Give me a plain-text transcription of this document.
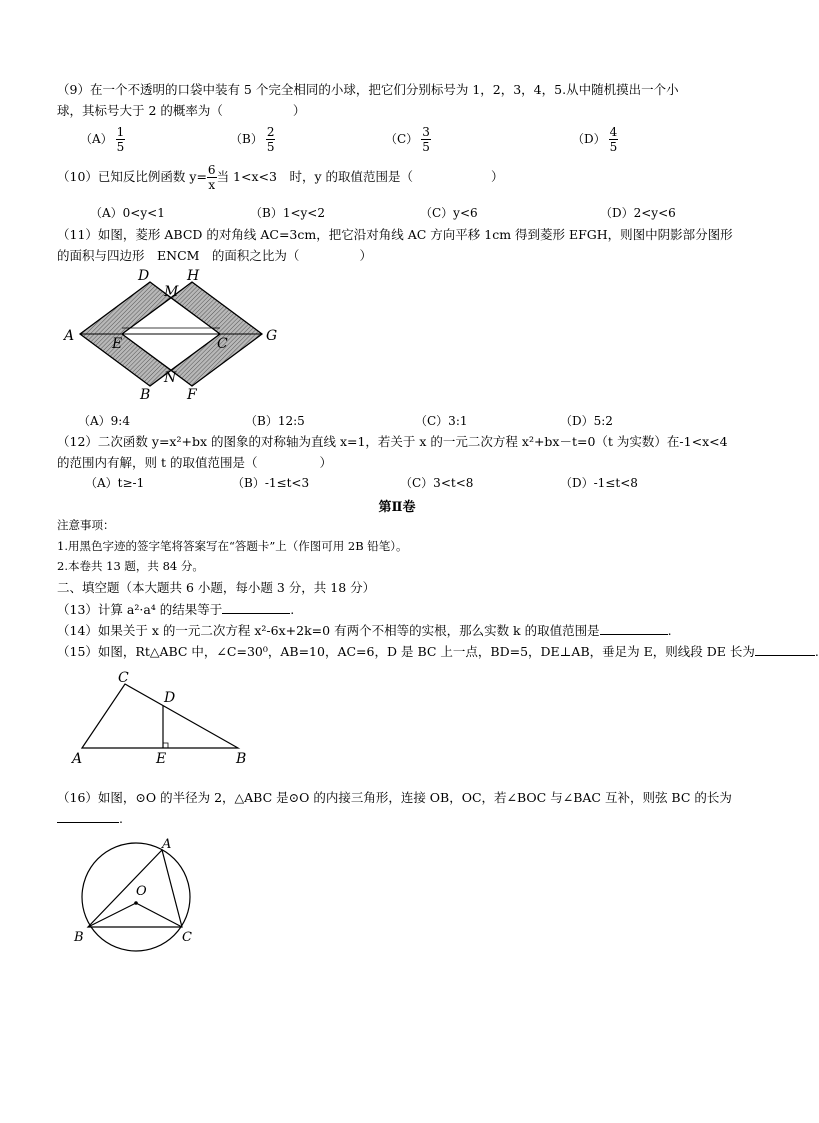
（9）在一个不透明的口袋中装有 5 个完全相同的小球，把它们分别标号为 1，2，3，4，5.从中随机摸出一个小
球，其标号大于 2 的概率为（	）
$(A) \frac{1}{5}$	$(B) \frac{2}{5}$	$(C) \frac{3}{5}$	$(D) \frac{4}{5}$
（10）已知反比例函数 $y= \frac{6}{x}$ 当 1<x<3　时，y 的取值范围是（	）
（A）0<y<1	（B）1<y<2	（C）y<6	（D）2<y<6
（11）如图，菱形 ABCD 的对角线 AC=3cm，把它沿对角线 AC 方向平移 1cm 得到菱形 EFGH，则图中阴影部分图形
的面积与四边形　ENCM　的面积之比为（	）
D	H
M
A	E	C	G
N
B	F
（A）9:4	（B）12:5	（C）3:1	（D）5:2
（12）二次函数 y=x²+bx 的图象的对称轴为直线 x=1，若关于 x 的一元二次方程 x²+bx－t=0（t 为实数）在-1<x<4
的范围内有解，则 t 的取值范围是（	）
（A）t≥-1	（B）-1≤t<3	（C）3<t<8	（D）-1≤t<8
第Ⅱ卷
注意事项：
1.用黑色字迹的签字笔将答案写在“答题卡”上（作图可用 2B 铅笔）。
2.本卷共 13 题，共 84 分。
二、填空题（本大题共 6 小题，每小题 3 分，共 18 分）
（13）计算 a²·a⁴ 的结果等于	.
（14）如果关于 x 的一元二次方程 x²-6x+2k=0 有两个不相等的实根，那么实数 k 的取值范围是	.
（15）如图，Rt△ABC 中，∠C=30⁰，AB=10，AC=6，D 是 BC 上一点，BD=5，DE⊥AB，垂足为 E，则线段 DE 长为	.
C
D
A	E	B
（16）如图，⊙O 的半径为 2，△ABC 是⊙O 的内接三角形，连接 OB，OC，若∠BOC 与∠BAC 互补，则弦 BC 的长为
.
A
O
B	C
